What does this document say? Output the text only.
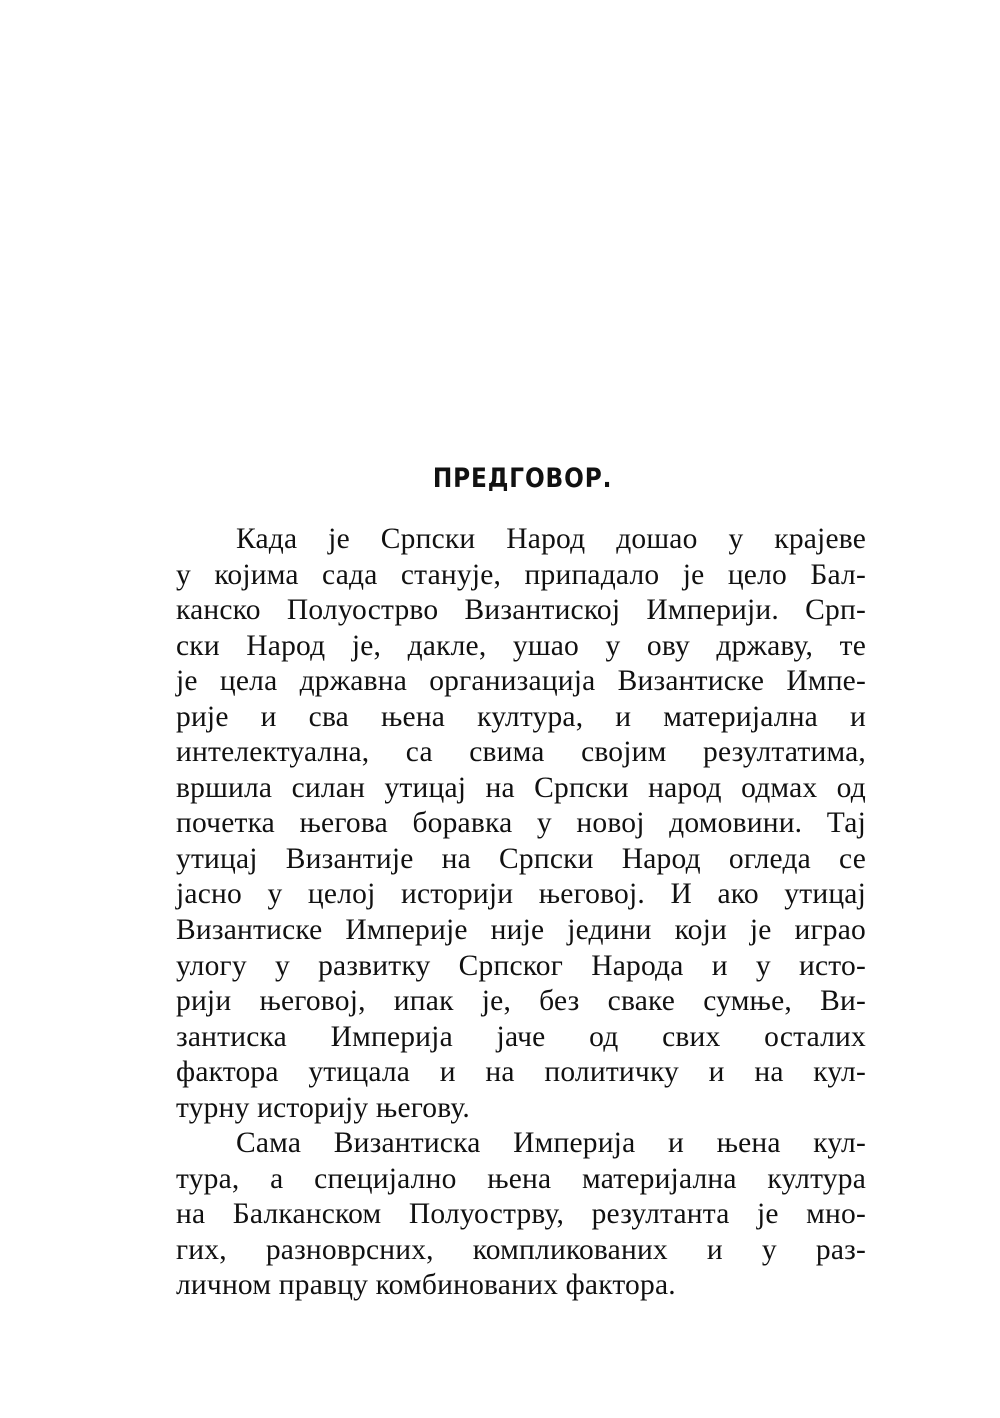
ПРЕДГОВОР.
Када је Српски Народ дошао у крајеве
у којима сада стануje, припадало је цело Бал-
канско Полуострво Византиској Империји. Срп-
ски Народ је, дакле, ушао у ову државу, те
је цела државна организација Византиске Импе-
рије и сва њена култура, и материјална и
интелектуална, са свима својим резултатима,
вршила силан утицај на Српски народ одмах од
почетка његова боравка у новој домовини. Тај
утицај Византије на Српски Народ огледа се
јасно у целој историји његовој. И ако утицај
Византиске Империје није једини који је играо
улогу у развитку Српског Народа и у исто-
рији његовој, ипак је, без сваке сумње, Ви-
зантиска Империја јаче од свих осталих
фактора утицала и на политичку и на кул-
турну историју његову.
Сама Византиска Империја и њена кул-
тура, а специјално њена материјална култура
на Балканском Полуострву, резултанта је мно-
гих, разноврсних, компликованих и у раз-
личном правцу комбинованих фактора.
